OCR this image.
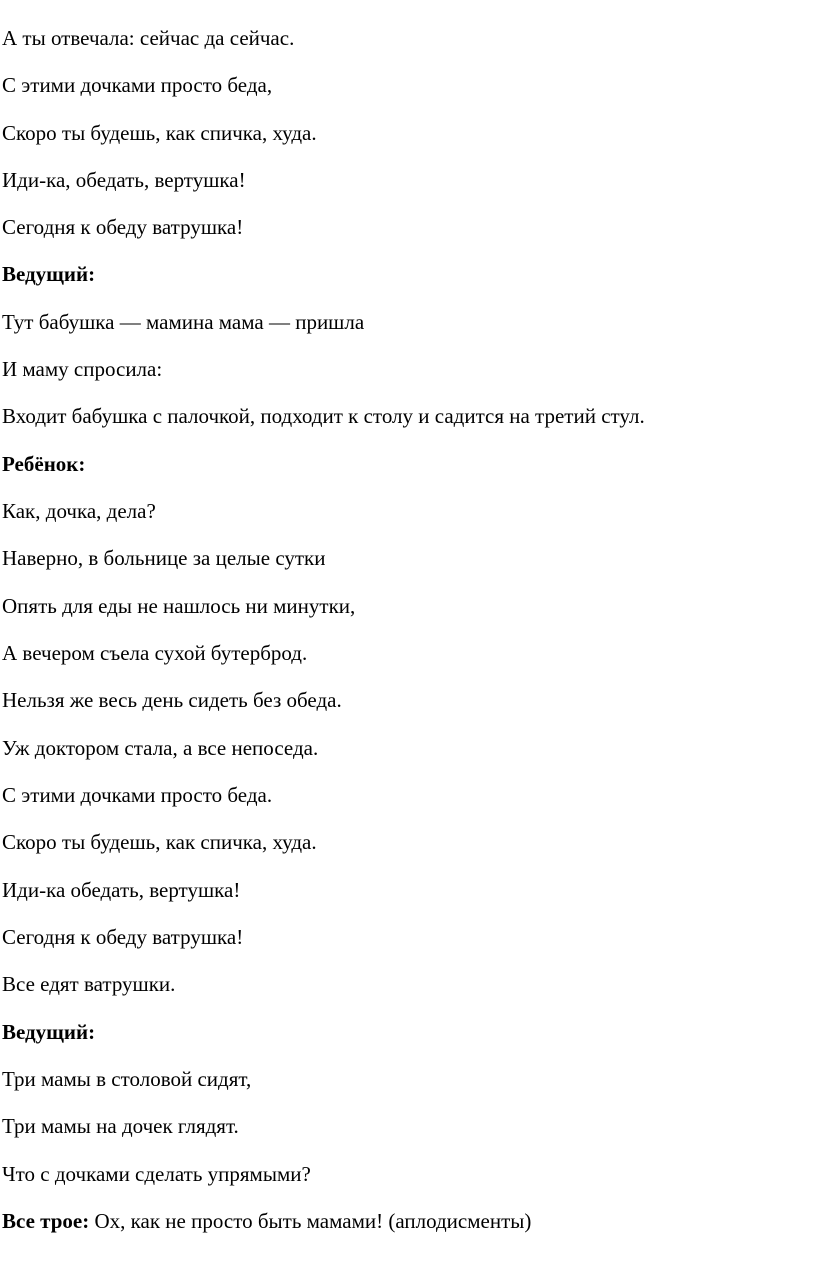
А ты отвечала: сейчас да сейчас.
С этими дочками просто беда,
Скоро ты будешь, как спичка, худа.
Иди-ка, обедать, вертушка!
Сегодня к обеду ватрушка!
Ведущий:
Тут бабушка — мамина мама — пришла
И маму спросила:
Входит бабушка с палочкой, подходит к столу и садится на третий стул.
Ребёнок:
Как, дочка, дела?
Наверно, в больнице за целые сутки
Опять для еды не нашлось ни минутки,
А вечером съела сухой бутерброд.
Нельзя же весь день сидеть без обеда.
Уж доктором стала, а все непоседа.
С этими дочками просто беда.
Скоро ты будешь, как спичка, худа.
Иди-ка обедать, вертушка!
Сегодня к обеду ватрушка!
Все едят ватрушки.
Ведущий:
Три мамы в столовой сидят,
Три мамы на дочек глядят.
Что с дочками сделать упрямыми?
Все трое: Ох, как не просто быть мамами! (аплодисменты)
